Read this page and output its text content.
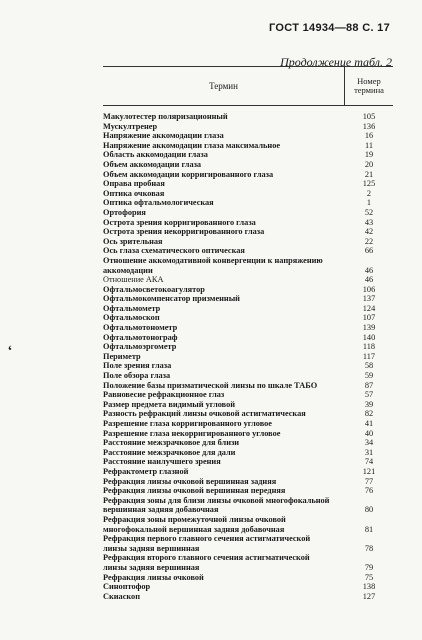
ГОСТ 14934—88 С. 17
Продолжение табл. 2
Термин
Номер термина
Макулотестер поляризационный	105
Мускултренер	136
Напряжение аккомодации глаза	16
Напряжение аккомодации глаза максимальное	11
Область аккомодации глаза	19
Объем аккомодации глаза	20
Объем аккомодации корригированного глаза	21
Оправа пробная	125
Оптика очковая	2
Оптика офтальмологическая	1
Ортофория	52
Острота зрения корригированного глаза	43
Острота зрения некорригированного глаза	42
Ось зрительная	22
Ось глаза схематического оптическая	66
Отношение аккомодативной конвергенции к напряжению аккомодации	46
Отношение АКА	46
Офтальмосветокоагулятор	106
Офтальмокомпенсатор призменный	137
Офтальмометр	124
Офтальмоскоп	107
Офтальмотонометр	139
Офтальмотонограф	140
Офтальмоэргометр	118
Периметр	117
Поле зрения глаза	58
Поле обзора глаза	59
Положение базы призматической линзы по шкале ТАБО	87
Равновесие рефракционное глаз	57
Размер предмета видимый угловой	39
Разность рефракций линзы очковой астигматическая	82
Разрешение глаза корригированного угловое	41
Разрешение глаза некорригированного угловое	40
Расстояние межзрачковое для близи	34
Расстояние межзрачковое для дали	31
Расстояние наилучшего зрения	74
Рефрактометр глазной	121
Рефракция линзы очковой вершинная задняя	77
Рефракция линзы очковой вершинная передняя	76
Рефракция зоны для близи линзы очковой многофокальной вершинная задняя добавочная	80
Рефракция зоны промежуточной линзы очковой многофокальной вершинная задняя добавочная	81
Рефракция первого главного сечения астигматической линзы задняя вершинная	78
Рефракция второго главного сечения астигматической линзы задняя вершинная	79
Рефракция линзы очковой	75
Синоптофор	138
Скиаскоп	127
ʻ
